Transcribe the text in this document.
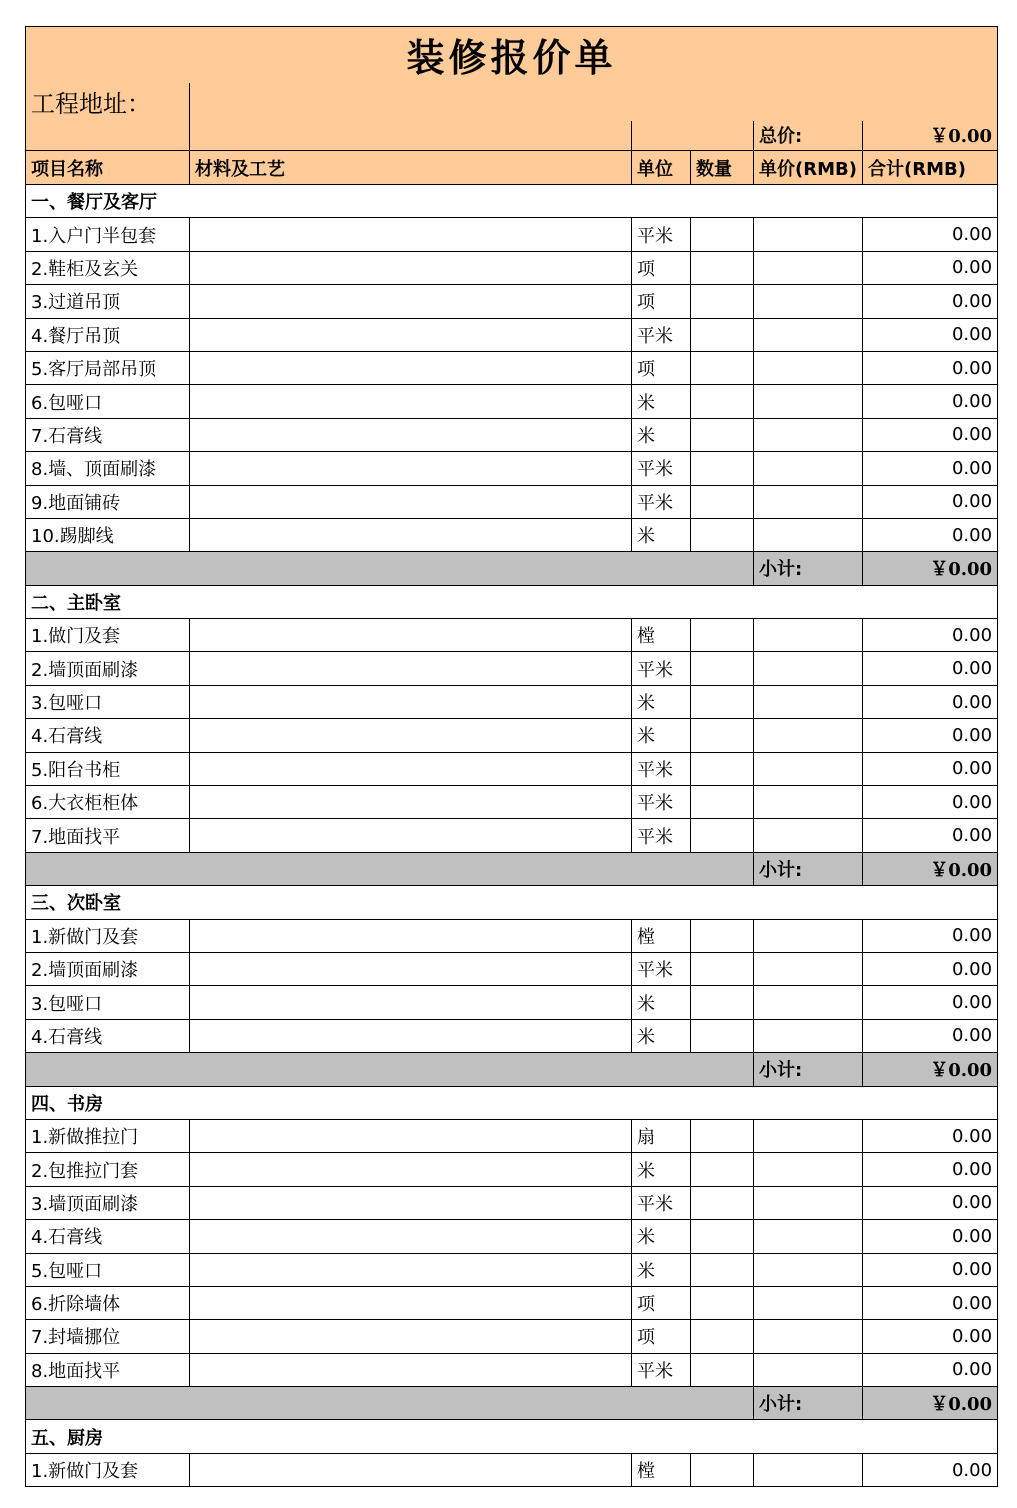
装修报价单					
工程地址：					
				总价:	￥0.00
项目名称	材料及工艺	单位	数量	单价(RMB)	合计(RMB)
一、餐厅及客厅					
1.入户门半包套		平米			0.00
2.鞋柜及玄关		项			0.00
3.过道吊顶		项			0.00
4.餐厅吊顶		平米			0.00
5.客厅局部吊顶		项			0.00
6.包哑口		米			0.00
7.石膏线		米			0.00
8.墙、顶面刷漆		平米			0.00
9.地面铺砖		平米			0.00
10.踢脚线		米			0.00
				小计:	￥0.00
二、主卧室					
1.做门及套		樘			0.00
2.墙顶面刷漆		平米			0.00
3.包哑口		米			0.00
4.石膏线		米			0.00
5.阳台书柜		平米			0.00
6.大衣柜柜体		平米			0.00
7.地面找平		平米			0.00
				小计:	￥0.00
三、次卧室					
1.新做门及套		樘			0.00
2.墙顶面刷漆		平米			0.00
3.包哑口		米			0.00
4.石膏线		米			0.00
				小计:	￥0.00
四、书房					
1.新做推拉门		扇			0.00
2.包推拉门套		米			0.00
3.墙顶面刷漆		平米			0.00
4.石膏线		米			0.00
5.包哑口		米			0.00
6.折除墙体		项			0.00
7.封墙挪位		项			0.00
8.地面找平		平米			0.00
				小计:	￥0.00
五、厨房					
1.新做门及套		樘			0.00
